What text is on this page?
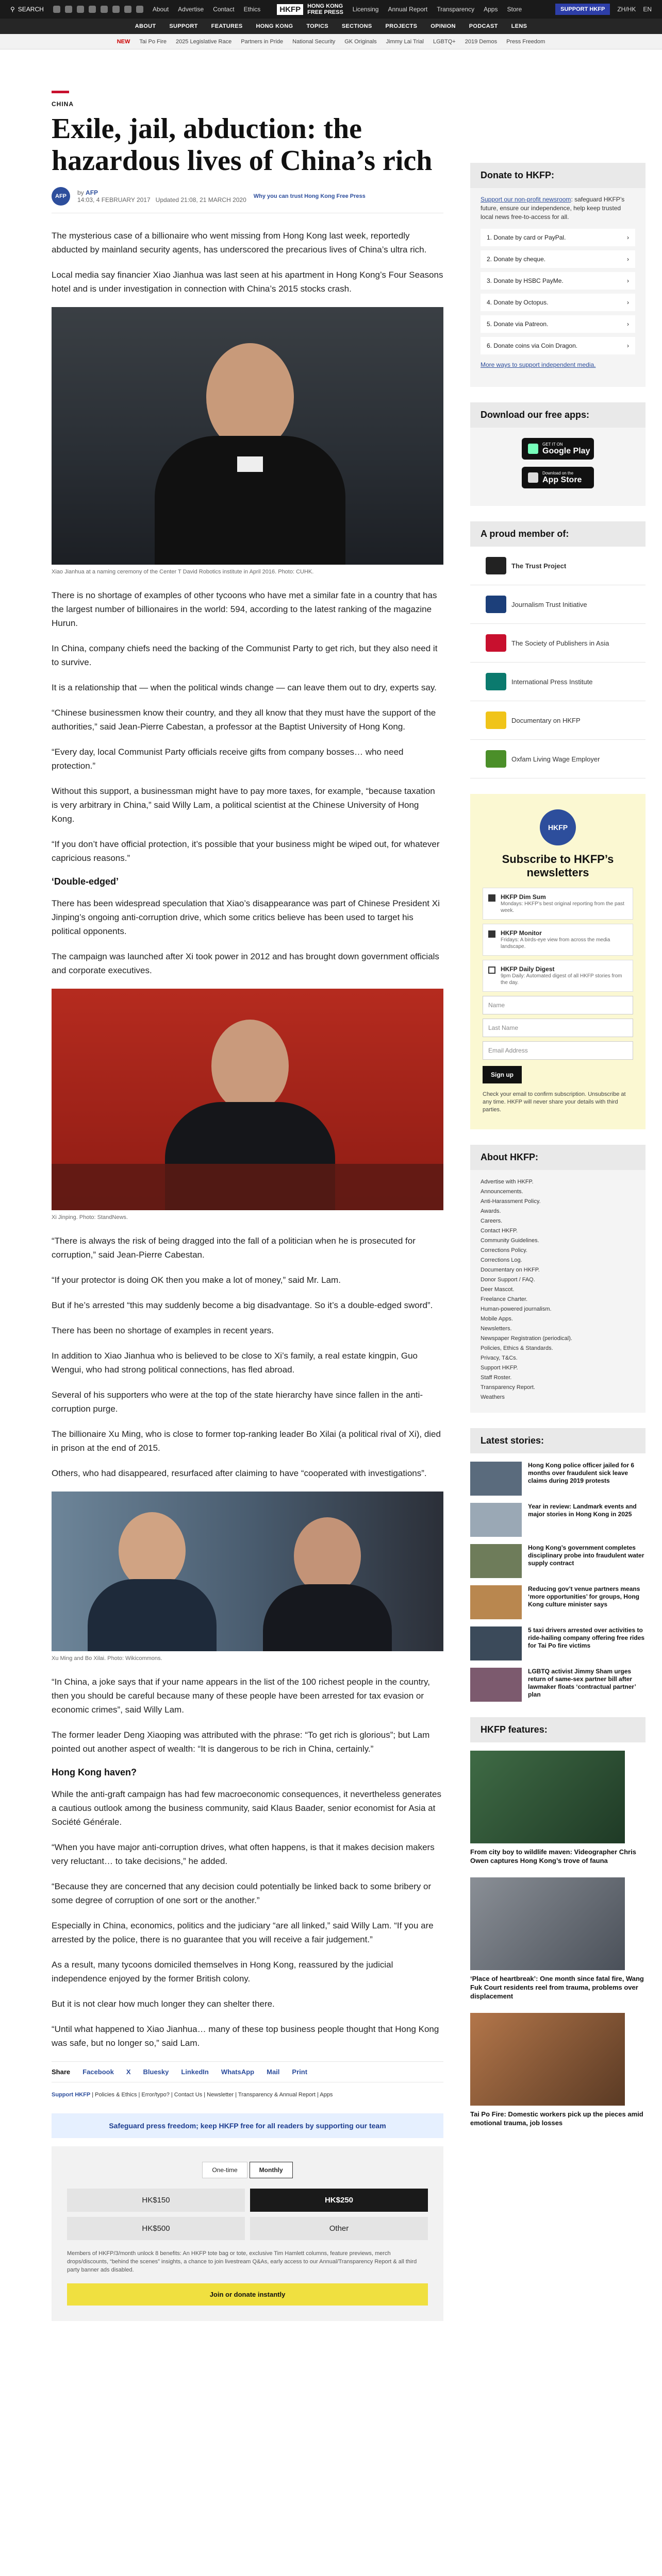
⚲ SEARCH	About Advertise Contact Ethics	HKFP	HONG KONG
FREE PRESS Licensing Annual Report Transparency Apps Store	SUPPORT HKFP	ZH/HK EN
ABOUT SUPPORT FEATURES HONG KONG TOPICS SECTIONS PROJECTS OPINION PODCAST LENS
NEW Tai Po Fire 2025 Legislative Race Partners in Pride National Security GK Originals Jimmy Lai Trial LGBTQ+ 2019 Demos Press Freedom
CHINA
Exile, jail, abduction: the hazardous lives of China’s rich
AFP	by AFP
14:03, 4 FEBRUARY 2017 Updated 21:08, 21 MARCH 2020 Why you can trust Hong Kong Free Press

The mysterious case of a billionaire who went missing from Hong Kong last week, reportedly abducted by mainland security agents, has underscored the precarious lives of China’s ultra rich.

Local media say financier Xiao Jianhua was last seen at his apartment in Hong Kong’s Four Seasons hotel and is under investigation in connection with China’s 2015 stocks crash.

Xiao Jianhua at a naming ceremony of the Center T David Robotics institute in April 2016. Photo: CUHK.

There is no shortage of examples of other tycoons who have met a similar fate in a country that has the largest number of billionaires in the world: 594, according to the latest ranking of the magazine Hurun.

In China, company chiefs need the backing of the Communist Party to get rich, but they also need it to survive.

It is a relationship that — when the political winds change — can leave them out to dry, experts say.

“Chinese businessmen know their country, and they all know that they must have the support of the authorities,” said Jean-Pierre Cabestan, a professor at the Baptist University of Hong Kong.

“Every day, local Communist Party officials receive gifts from company bosses… who need protection.”

Without this support, a businessman might have to pay more taxes, for example, “because taxation is very arbitrary in China,” said Willy Lam, a political scientist at the Chinese University of Hong Kong.

“If you don’t have official protection, it’s possible that your business might be wiped out, for whatever capricious reasons.”

‘Double-edged’

There has been widespread speculation that Xiao’s disappearance was part of Chinese President Xi Jinping’s ongoing anti-corruption drive, which some critics believe has been used to target his political opponents.

The campaign was launched after Xi took power in 2012 and has brought down government officials and corporate executives.

Xi Jinping. Photo: StandNews.

“There is always the risk of being dragged into the fall of a politician when he is prosecuted for corruption,” said Jean-Pierre Cabestan.

“If your protector is doing OK then you make a lot of money,” said Mr. Lam.

But if he’s arrested “this may suddenly become a big disadvantage. So it’s a double-edged sword”.

There has been no shortage of examples in recent years.

In addition to Xiao Jianhua who is believed to be close to Xi’s family, a real estate kingpin, Guo Wengui, who had strong political connections, has fled abroad.

Several of his supporters who were at the top of the state hierarchy have since fallen in the anti-corruption purge.

The billionaire Xu Ming, who is close to former top-ranking leader Bo Xilai (a political rival of Xi), died in prison at the end of 2015.

Others, who had disappeared, resurfaced after claiming to have “cooperated with investigations”.

Xu Ming and Bo Xilai. Photo: Wikicommons.

“In China, a joke says that if your name appears in the list of the 100 richest people in the country, then you should be careful because many of these people have been arrested for tax evasion or economic crimes”, said Willy Lam.

The former leader Deng Xiaoping was attributed with the phrase: “To get rich is glorious”; but Lam pointed out another aspect of wealth: “It is dangerous to be rich in China, certainly.”

Hong Kong haven?

While the anti-graft campaign has had few macroeconomic consequences, it nevertheless generates a cautious outlook among the business community, said Klaus Baader, senior economist for Asia at Société Générale.

“When you have major anti-corruption drives, what often happens, is that it makes decision makers very reluctant… to take decisions,” he added.

“Because they are concerned that any decision could potentially be linked back to some bribery or some degree of corruption of one sort or the another.”

Especially in China, economics, politics and the judiciary “are all linked,” said Willy Lam. “If you are arrested by the police, there is no guarantee that you will receive a fair judgement.”

As a result, many tycoons domiciled themselves in Hong Kong, reassured by the judicial independence enjoyed by the former British colony.

But it is not clear how much longer they can shelter there.

“Until what happened to Xiao Jianhua… many of these top business people thought that Hong Kong was safe, but no longer so,” said Lam.

Share Facebook X Bluesky LinkedIn WhatsApp Mail Print
Support HKFP | Policies & Ethics | Error/typo? | Contact Us | Newsletter | Transparency & Annual Report | Apps
Safeguard press freedom; keep HKFP free for all readers by supporting our team
One-time	Monthly
HK$150	HK$250
HK$500	Other
Members of HKFP/3/month unlock 8 benefits: An HKFP tote bag or tote, exclusive Tim Hamlett columns, feature previews, merch drops/discounts, “behind the scenes” insights, a chance to join livestream Q&As, early access to our Annual/Transparency Report & all third party banner ads disabled.
Join or donate instantly
Donate to HKFP:

Support our non-profit newsroom: safeguard HKFP’s future, ensure our independence, help keep trusted local news free-to-access for all.

1. Donate by card or PayPal.	›
2. Donate by cheque.	›
3. Donate by HSBC PayMe.	›
4. Donate by Octopus.	›
5. Donate via Patreon.	›
6. Donate coins via Coin Dragon.	›

More ways to support independent media.

Download our free apps:
GET IT ON
Google Play
Download on the
App Store
A proud member of:
The Trust Project
Journalism Trust Initiative
The Society of Publishers in Asia
International Press Institute
Documentary on HKFP
Oxfam Living Wage Employer
HKFP
Subscribe to HKFP’s newsletters
HKFP Dim Sum
Mondays: HKFP’s best original reporting from the past week.
HKFP Monitor
Fridays: A birds-eye view from across the media landscape.
HKFP Daily Digest
9pm Daily: Automated digest of all HKFP stories from the day.
Name
Last Name
Email Address
Sign up
Check your email to confirm subscription. Unsubscribe at any time. HKFP will never share your details with third parties.
About HKFP:
Advertise with HKFP.
Announcements.
Anti-Harassment Policy.
Awards.
Careers.
Contact HKFP.
Community Guidelines.
Corrections Policy.
Corrections Log.
Documentary on HKFP.
Donor Support / FAQ.
Deer Mascot.
Freelance Charter.
Human-powered journalism.
Mobile Apps.
Newsletters.
Newspaper Registration (periodical).
Policies, Ethics & Standards.
Privacy, T&Cs.
Support HKFP.
Staff Roster.
Transparency Report.
Weathers
Latest stories:
Hong Kong police officer jailed for 6 months over fraudulent sick leave claims during 2019 protests
Year in review: Landmark events and major stories in Hong Kong in 2025
Hong Kong’s government completes disciplinary probe into fraudulent water supply contract
Reducing gov’t venue partners means ‘more opportunities’ for groups, Hong Kong culture minister says
5 taxi drivers arrested over activities to ride-hailing company offering free rides for Tai Po fire victims
LGBTQ activist Jimmy Sham urges return of same-sex partner bill after lawmaker floats ‘contractual partner’ plan
HKFP features:
From city boy to wildlife maven: Videographer Chris Owen captures Hong Kong’s trove of fauna
‘Place of heartbreak’: One month since fatal fire, Wang Fuk Court residents reel from trauma, problems over displacement
Tai Po Fire: Domestic workers pick up the pieces amid emotional trauma, job losses
